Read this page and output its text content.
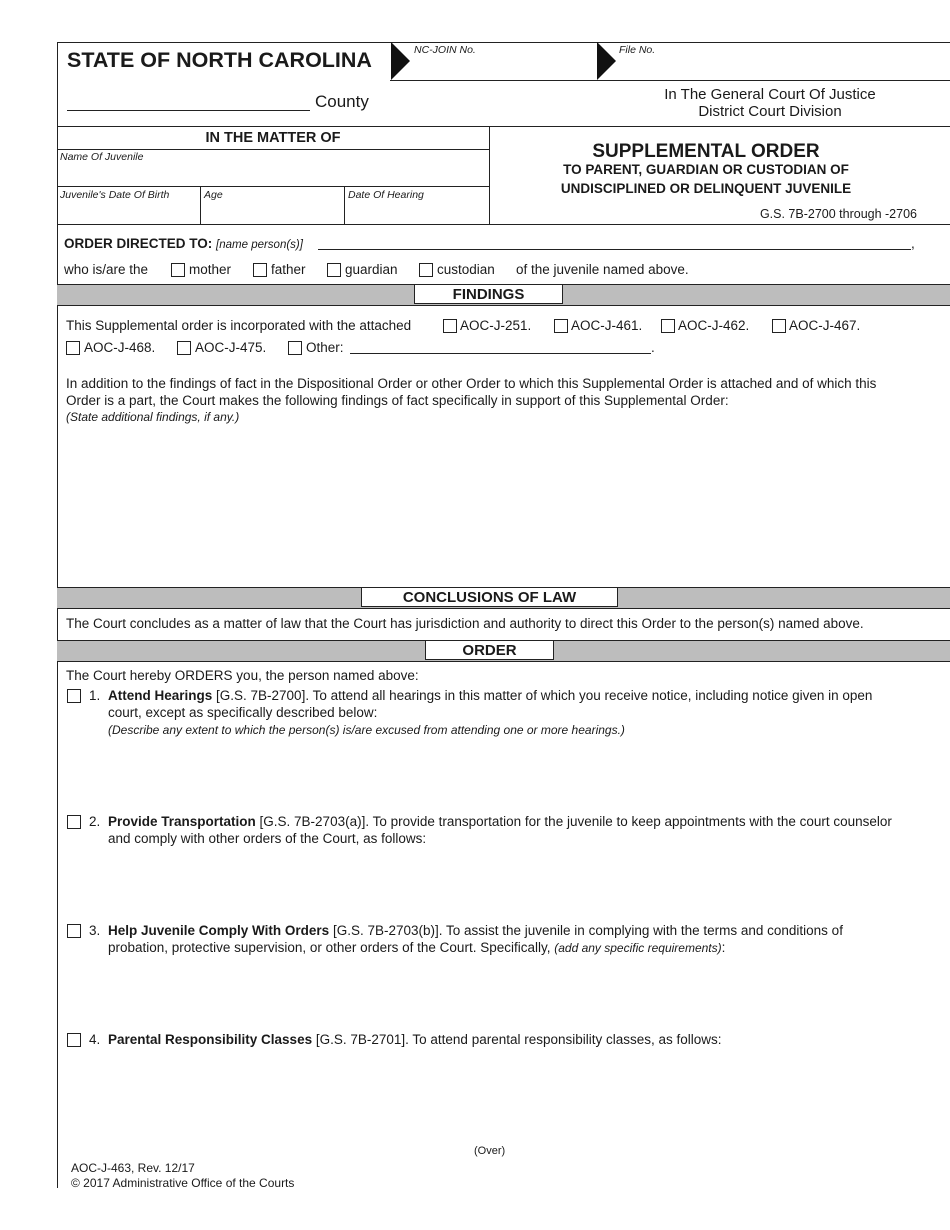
STATE OF NORTH CAROLINA	NC-JOIN No.	File No.
County	In The General Court Of Justice
District Court Division
IN THE MATTER OF
Name Of Juvenile
Juvenile's Date Of Birth	Age	Date Of Hearing
SUPPLEMENTAL ORDER
TO PARENT, GUARDIAN OR CUSTODIAN OF
UNDISCIPLINED OR DELINQUENT JUVENILE
G.S. 7B-2700 through -2706
ORDER DIRECTED TO: [name person(s)]	,
who is/are the	mother	father	guardian	custodian of the juvenile named above.
FINDINGS
This Supplemental order is incorporated with the attached	AOC-J-251.	AOC-J-461.	AOC-J-462.	AOC-J-467.
AOC-J-468.	AOC-J-475.	Other:	.
In addition to the findings of fact in the Dispositional Order or other Order to which this Supplemental Order is attached and of which this
Order is a part, the Court makes the following findings of fact specifically in support of this Supplemental Order:
(State additional findings, if any.)
CONCLUSIONS OF LAW
The Court concludes as a matter of law that the Court has jurisdiction and authority to direct this Order to the person(s) named above.
ORDER
The Court hereby ORDERS you, the person named above:
1. Attend Hearings [G.S. 7B-2700]. To attend all hearings in this matter of which you receive notice, including notice given in open
court, except as specifically described below:
(Describe any extent to which the person(s) is/are excused from attending one or more hearings.)
2. Provide Transportation [G.S. 7B-2703(a)]. To provide transportation for the juvenile to keep appointments with the court counselor
and comply with other orders of the Court, as follows:
3. Help Juvenile Comply With Orders [G.S. 7B-2703(b)]. To assist the juvenile in complying with the terms and conditions of
probation, protective supervision, or other orders of the Court. Specifically, (add any specific requirements):
4. Parental Responsibility Classes [G.S. 7B-2701]. To attend parental responsibility classes, as follows:
(Over)
AOC-J-463, Rev. 12/17
© 2017 Administrative Office of the Courts
